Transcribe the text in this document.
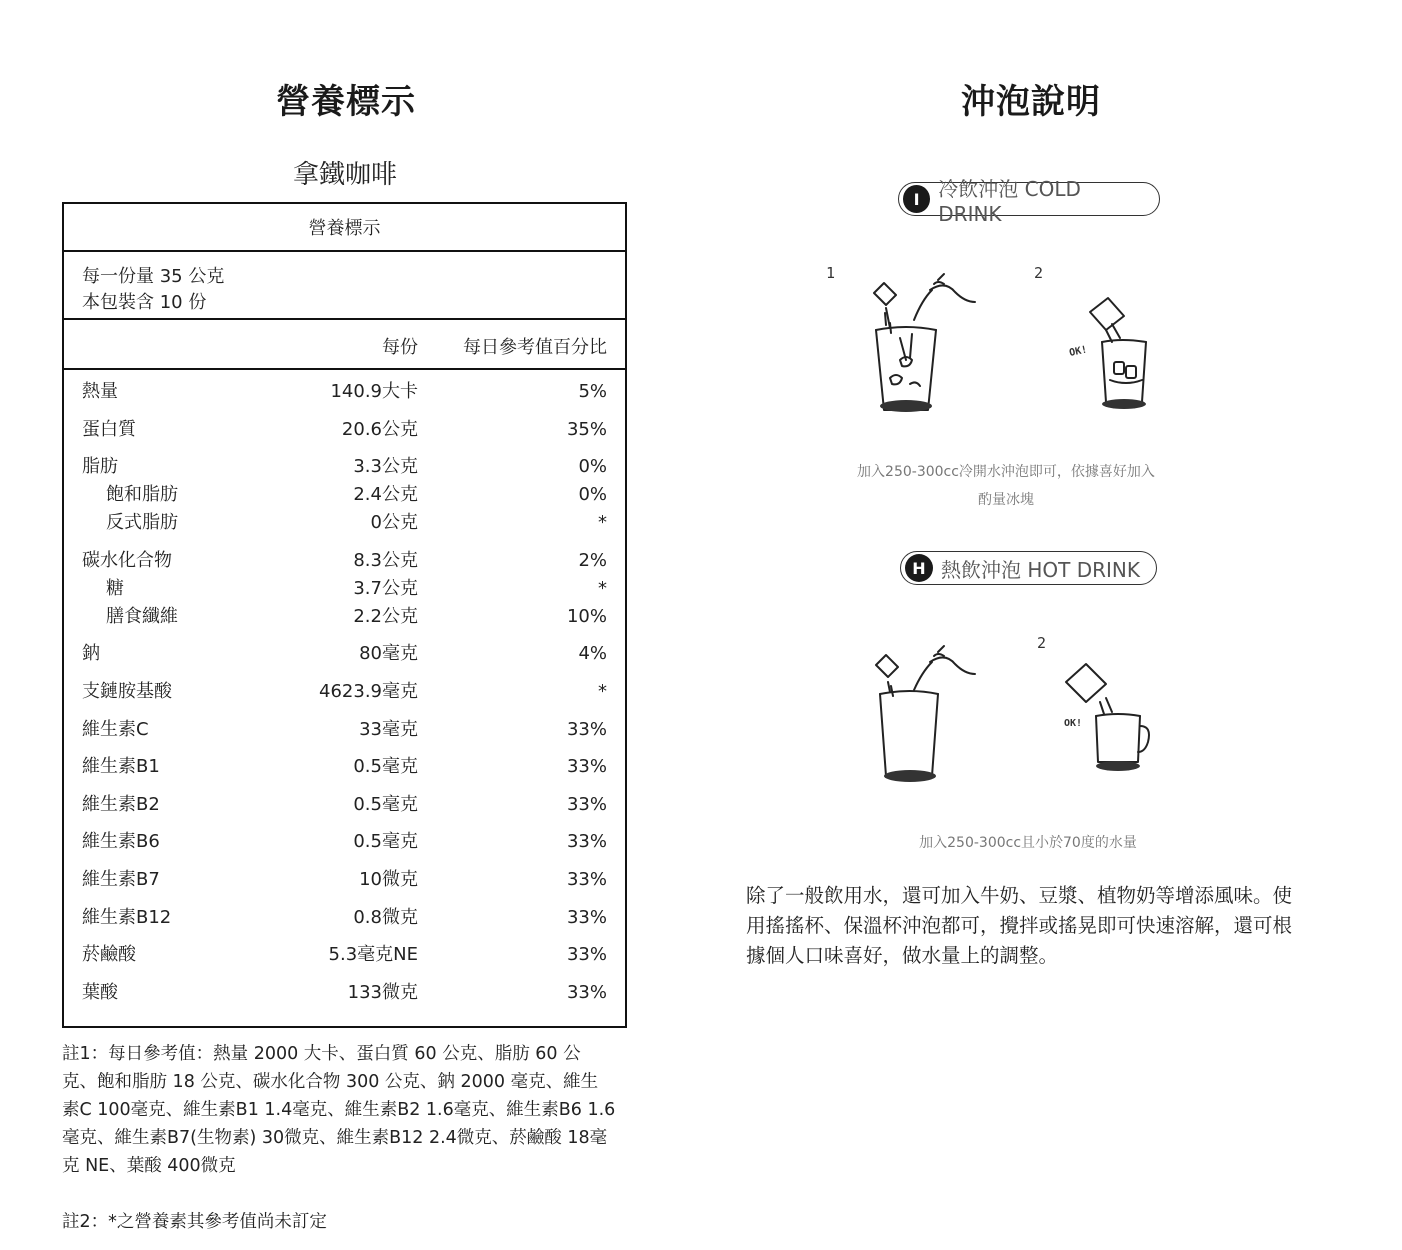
營養標示	沖泡說明
拿鐵咖啡
營養標示
每一份量 35 公克
本包裝含 10 份
每份	每日參考值百分比
熱量	140.9大卡	5%
蛋白質	20.6公克	35%
脂肪	3.3公克	0%
飽和脂肪	2.4公克	0%
反式脂肪	0公克	*
碳水化合物	8.3公克	2%
糖	3.7公克	*
膳食纖維	2.2公克	10%
鈉	80毫克	4%
支鏈胺基酸	4623.9毫克	*
維生素C	33毫克	33%
維生素B1	0.5毫克	33%
維生素B2	0.5毫克	33%
維生素B6	0.5毫克	33%
維生素B7	10微克	33%
維生素B12	0.8微克	33%
菸鹼酸	5.3毫克NE	33%
葉酸	133微克	33%
註1：每日參考值：熱量 2000 大卡、蛋白質 60 公克、脂肪 60 公
克、飽和脂肪 18 公克、碳水化合物 300 公克、鈉 2000 毫克、維生
素C 100毫克、維生素B1 1.4毫克、維生素B2 1.6毫克、維生素B6 1.6
毫克、維生素B7(生物素) 30微克、維生素B12 2.4微克、菸鹼酸 18毫
克 NE、葉酸 400微克
註2：*之營養素其參考值尚未訂定
I 冷飲沖泡 COLD DRINK
1	2
OK!
加入250-300cc冷開水沖泡即可，依據喜好加入
酌量冰塊
H 熱飲沖泡 HOT DRINK
2
OK!
加入250-300cc且小於70度的水量
除了一般飲用水，還可加入牛奶、豆漿、植物奶等增添風味。使
用搖搖杯、保溫杯沖泡都可，攪拌或搖晃即可快速溶解，還可根
據個人口味喜好，做水量上的調整。
